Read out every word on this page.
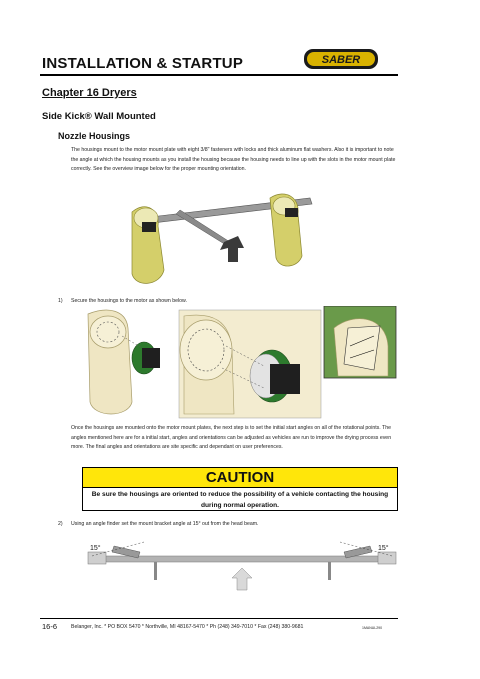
INSTALLATION & STARTUP	SABER
Chapter 16 Dryers
Side Kick® Wall Mounted
Nozzle Housings
The housings mount to the motor mount plate with eight 3/8" fasteners with locks and thick aluminum flat washers. Also it is important to note the angle at which the housing mounts as you install the housing because the housing needs to line up with the slots in the motor mount plate correctly. See the overview image below for the proper mounting orientation.
1) Secure the housings to the motor as shown below.
Once the housings are mounted onto the motor mount plates, the next step is to set the initial start angles on all of the rotational points. The angles mentioned here are for a initial start, angles and orientations can be adjusted as vehicles are run to improve the drying process even more. The final angles and orientations are site specific and dependant on user preferences.
CAUTION
Be sure the housings are oriented to reduce the possibility of a vehicle contacting the housing during normal operation.
2) Using an angle finder set the mount bracket angle at 15° out from the head beam.
15°	15°
16-6	Belanger, Inc. * PO BOX 5470 * Northville, MI 48167-5470 * Ph (248) 349-7010 * Fax (248) 380-9681	1MANUL290
